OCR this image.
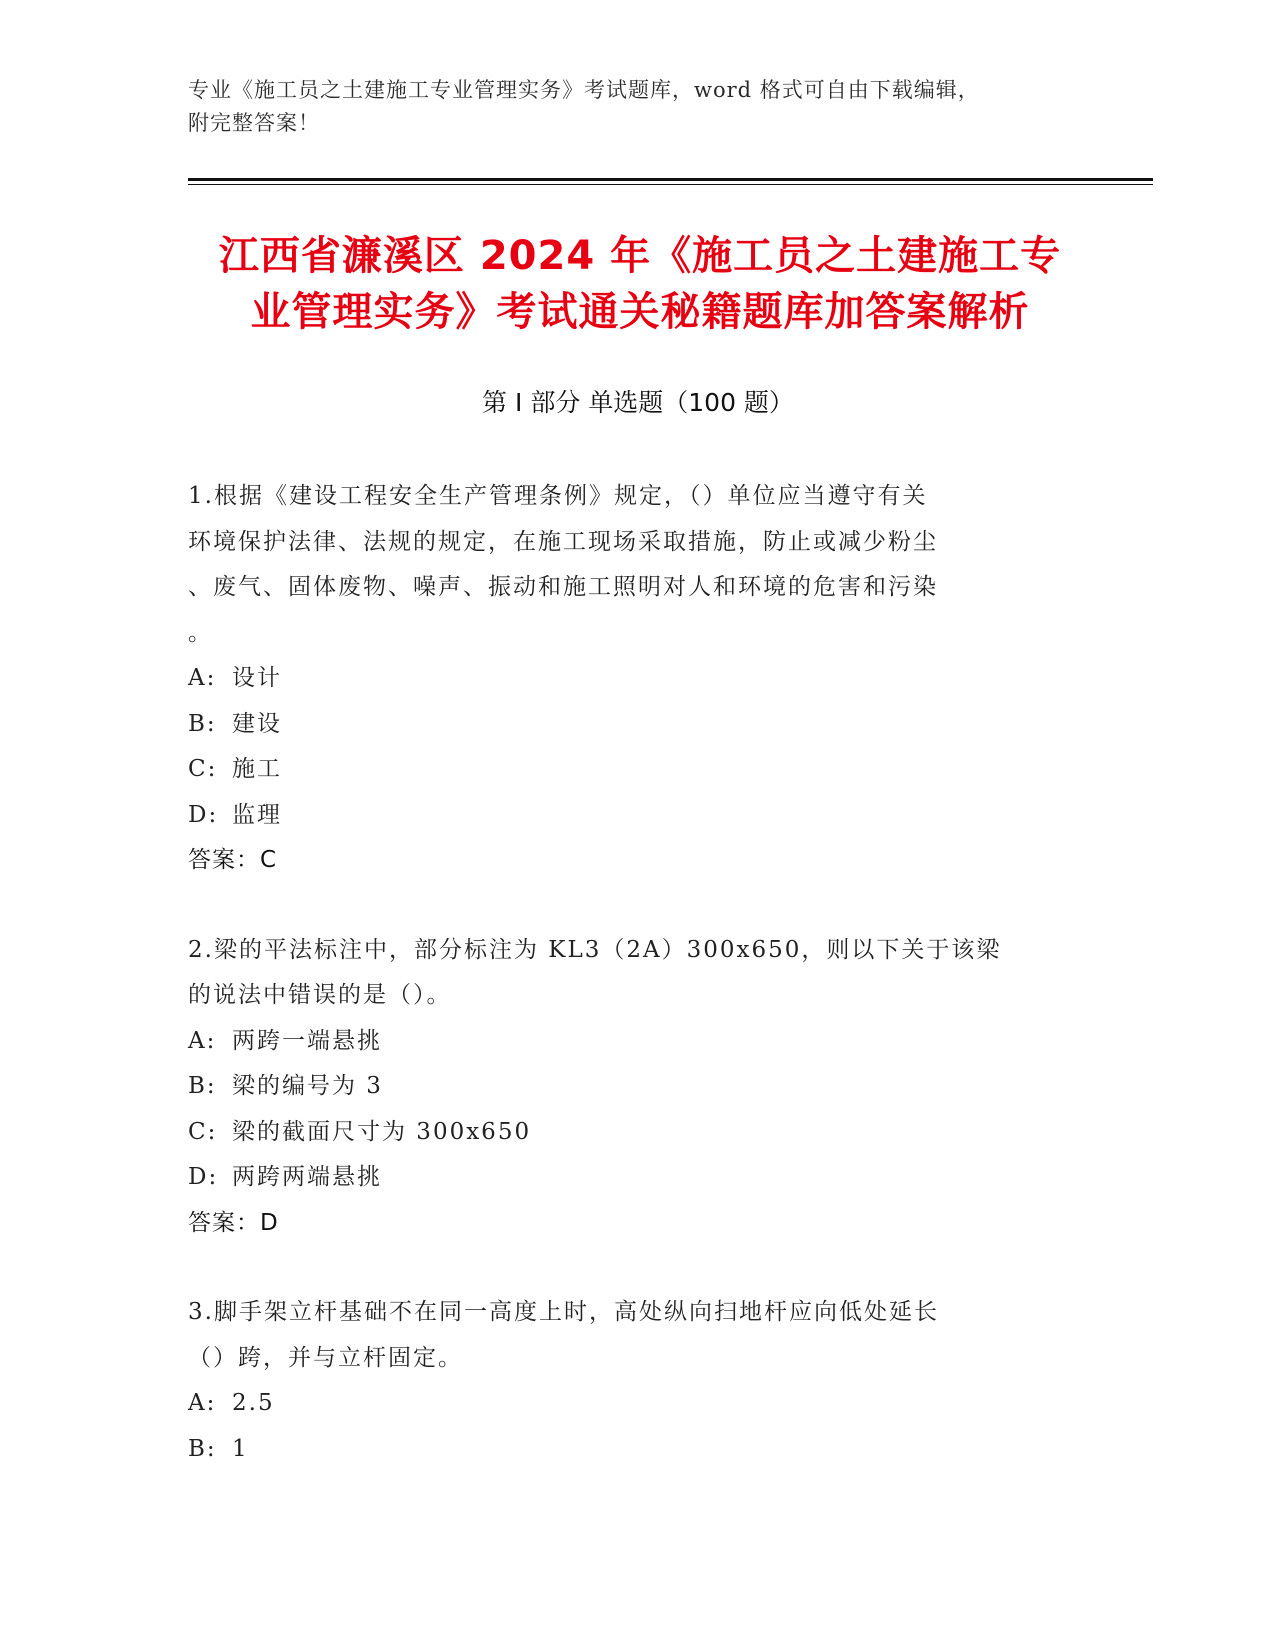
专业《施工员之土建施工专业管理实务》考试题库，word 格式可自由下载编辑，
附完整答案！
江西省濂溪区 2024 年《施工员之土建施工专
业管理实务》考试通关秘籍题库加答案解析
第 I 部分 单选题（100 题）

1.根据《建设工程安全生产管理条例》规定，（）单位应当遵守有关

环境保护法律、法规的规定，在施工现场采取措施，防止或减少粉尘

、废气、固体废物、噪声、振动和施工照明对人和环境的危害和污染

。

A: 设计

B: 建设

C: 施工

D: 监理

答案：C

2.梁的平法标注中，部分标注为 KL3（2A）300x650，则以下关于该梁

的说法中错误的是（）。

A: 两跨一端悬挑

B: 梁的编号为 3

C: 梁的截面尺寸为 300x650

D: 两跨两端悬挑

答案：D

3.脚手架立杆基础不在同一高度上时，高处纵向扫地杆应向低处延长

（）跨，并与立杆固定。

A: 2.5

B: 1
